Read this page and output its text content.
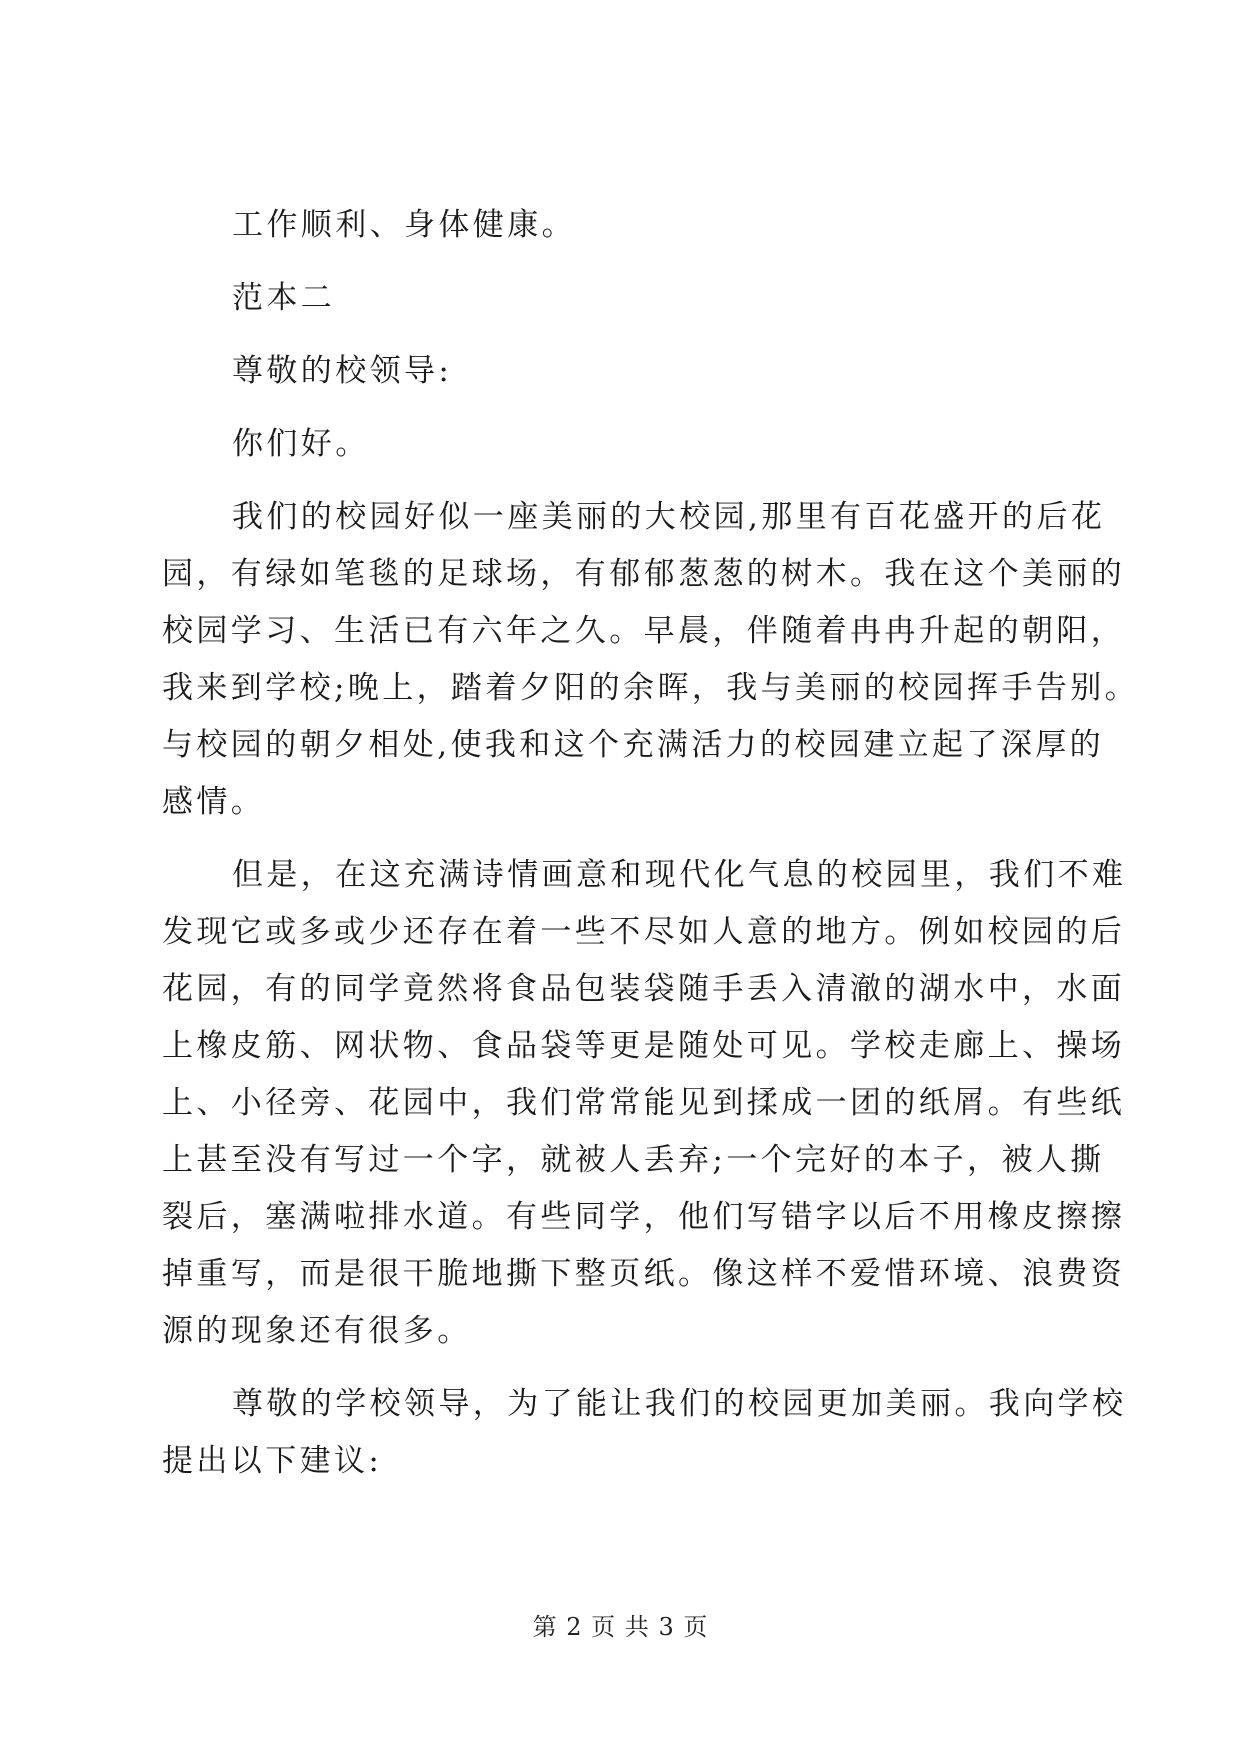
工作顺利、身体健康。
范本二
尊敬的校领导:
你们好。
我们的校园好似一座美丽的大校园,那里有百花盛开的后花
园，有绿如笔毯的足球场，有郁郁葱葱的树木。我在这个美丽的
校园学习、生活已有六年之久。早晨，伴随着冉冉升起的朝阳，
我来到学校;晚上，踏着夕阳的余晖，我与美丽的校园挥手告别。
与校园的朝夕相处,使我和这个充满活力的校园建立起了深厚的
感情。
但是，在这充满诗情画意和现代化气息的校园里，我们不难
发现它或多或少还存在着一些不尽如人意的地方。例如校园的后
花园，有的同学竟然将食品包装袋随手丢入清澈的湖水中，水面
上橡皮筋、网状物、食品袋等更是随处可见。学校走廊上、操场
上、小径旁、花园中，我们常常能见到揉成一团的纸屑。有些纸
上甚至没有写过一个字，就被人丢弃;一个完好的本子，被人撕
裂后，塞满啦排水道。有些同学，他们写错字以后不用橡皮擦擦
掉重写，而是很干脆地撕下整页纸。像这样不爱惜环境、浪费资
源的现象还有很多。
尊敬的学校领导，为了能让我们的校园更加美丽。我向学校
提出以下建议:
第 2 页 共 3 页
